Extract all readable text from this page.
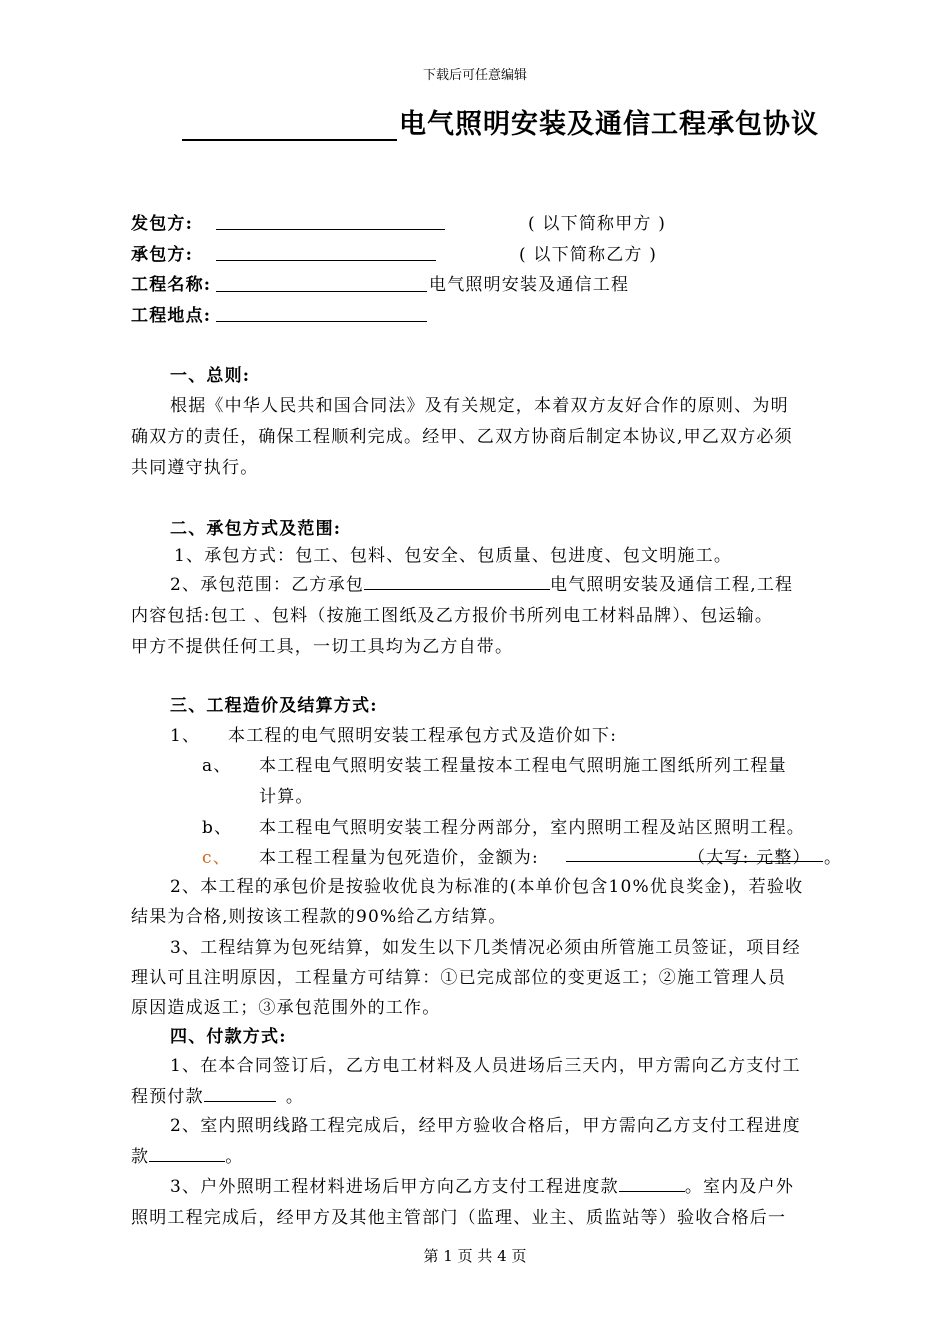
下载后可任意编辑
电气照明安装及通信工程承包协议
发包方:	( 以下简称甲方 )
承包方:	( 以下简称乙方 )
工程名称:	电气照明安装及通信工程
工程地点:
一、总则:
根据《中华人民共和国合同法》及有关规定，本着双方友好合作的原则、为明
确双方的责任，确保工程顺利完成。经甲、乙双方协商后制定本协议,甲乙双方必须
共同遵守执行。
二、承包方式及范围:
1、承包方式：包工、包料、包安全、包质量、包进度、包文明施工。
2、承包范围：乙方承包	电气照明安装及通信工程,工程
内容包括:包工 、包料（按施工图纸及乙方报价书所列电工材料品牌）、包运输。
甲方不提供任何工具，一切工具均为乙方自带。
三、工程造价及结算方式:
1、 本工程的电气照明安装工程承包方式及造价如下:
a、 本工程电气照明安装工程量按本工程电气照明施工图纸所列工程量
计算。
b、 本工程电气照明安装工程分两部分，室内照明工程及站区照明工程。
c、 本工程工程量为包死造价，金额为:	（大写: 元整） 。
2、本工程的承包价是按验收优良为标准的(本单价包含10%优良奖金)，若验收
结果为合格,则按该工程款的90%给乙方结算。
3、工程结算为包死结算，如发生以下几类情况必须由所管施工员签证，项目经
理认可且注明原因，工程量方可结算：①已完成部位的变更返工；②施工管理人员
原因造成返工；③承包范围外的工作。
四、付款方式:
1、在本合同签订后，乙方电工材料及人员进场后三天内，甲方需向乙方支付工
程预付款	。
2、室内照明线路工程完成后，经甲方验收合格后，甲方需向乙方支付工程进度
款	。
3、户外照明工程材料进场后甲方向乙方支付工程进度款	。室内及户外
照明工程完成后，经甲方及其他主管部门（监理、业主、质监站等）验收合格后一
第 1 页 共 4 页
